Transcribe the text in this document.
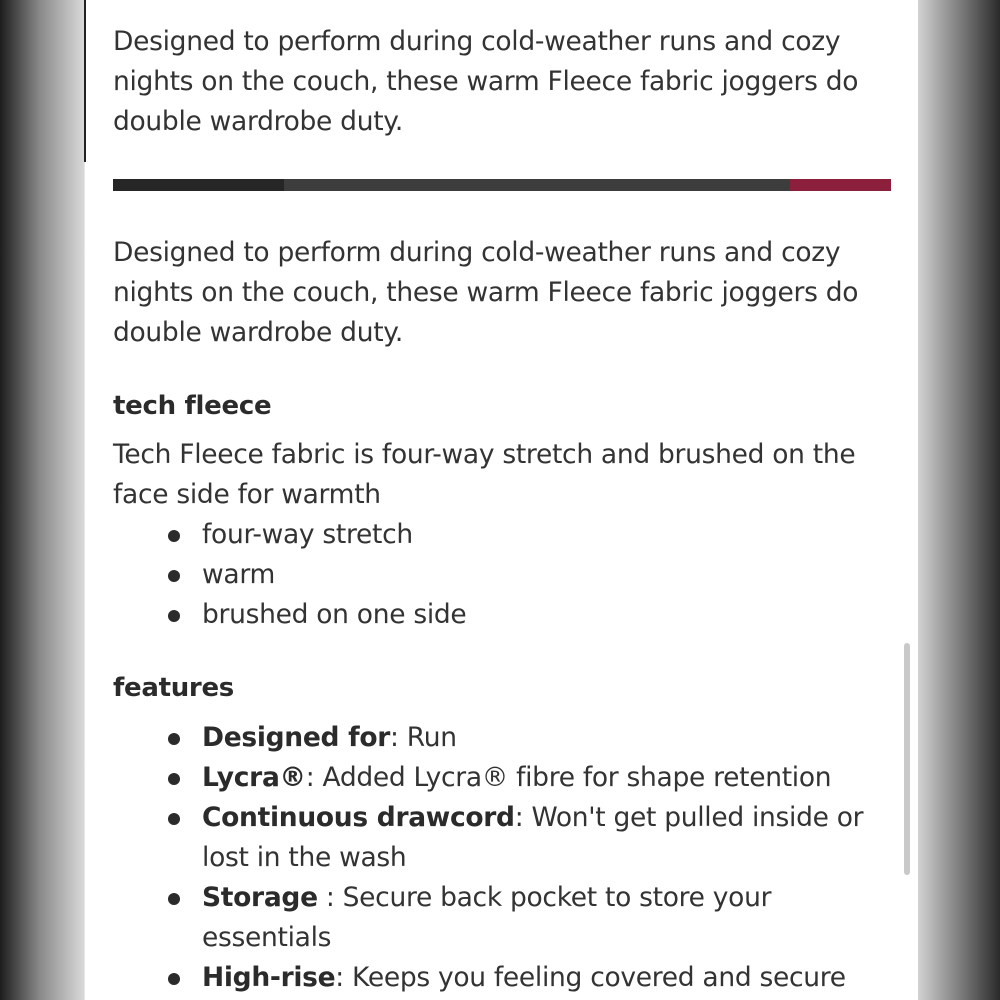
Designed to perform during cold-weather runs and cozy nights on the couch, these warm Fleece fabric joggers do double wardrobe duty.

Designed to perform during cold-weather runs and cozy nights on the couch, these warm Fleece fabric joggers do double wardrobe duty.

tech fleece

Tech Fleece fabric is four-way stretch and brushed on the face side for warmth

four-way stretch
warm
brushed on one side
features
Designed for: Run
Lycra®: Added Lycra® fibre for shape retention
Continuous drawcord: Won't get pulled inside or lost in the wash
Storage : Secure back pocket to store your essentials
High-rise: Keeps you feeling covered and secure
